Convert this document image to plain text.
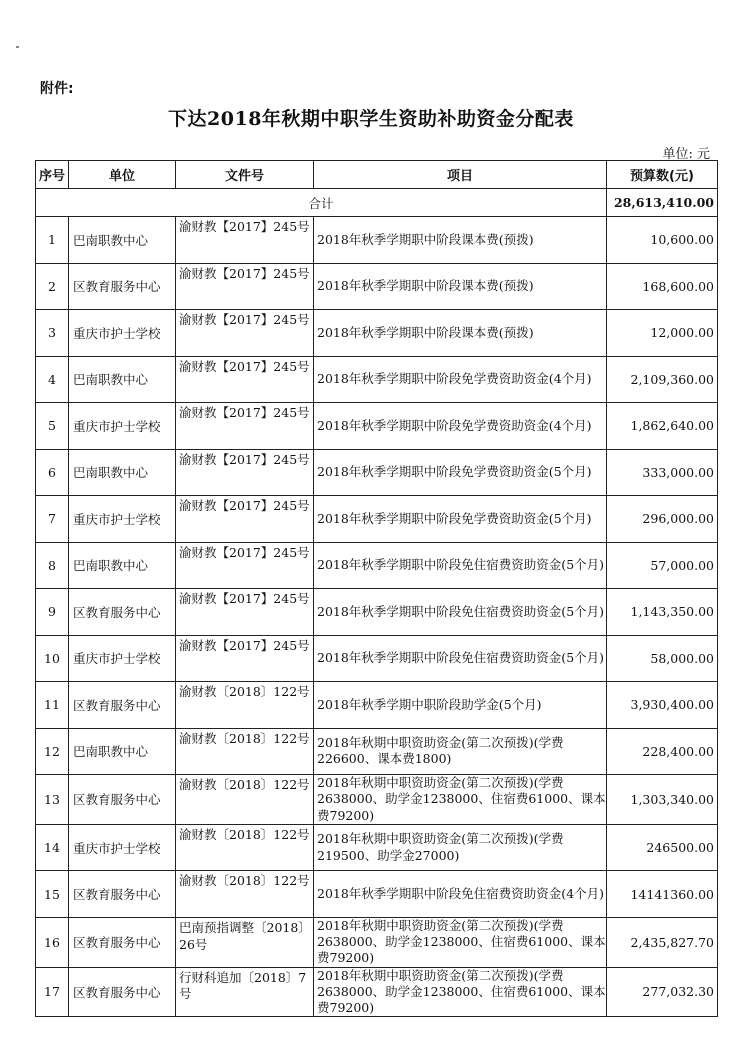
附件:
下达2018年秋期中职学生资助补助资金分配表
单位: 元
序号	单位	文件号	项目	预算数(元)
合计				28,613,410.00
1	巴南职教中心	渝财教【2017】245号	2018年秋季学期职中阶段课本费(预拨)	10,600.00
2	区教育服务中心	渝财教【2017】245号	2018年秋季学期职中阶段课本费(预拨)	168,600.00
3	重庆市护士学校	渝财教【2017】245号	2018年秋季学期职中阶段课本费(预拨)	12,000.00
4	巴南职教中心	渝财教【2017】245号	2018年秋季学期职中阶段免学费资助资金(4个月)	2,109,360.00
5	重庆市护士学校	渝财教【2017】245号	2018年秋季学期职中阶段免学费资助资金(4个月)	1,862,640.00
6	巴南职教中心	渝财教【2017】245号	2018年秋季学期职中阶段免学费资助资金(5个月)	333,000.00
7	重庆市护士学校	渝财教【2017】245号	2018年秋季学期职中阶段免学费资助资金(5个月)	296,000.00
8	巴南职教中心	渝财教【2017】245号	2018年秋季学期职中阶段免住宿费资助资金(5个月)	57,000.00
9	区教育服务中心	渝财教【2017】245号	2018年秋季学期职中阶段免住宿费资助资金(5个月)	1,143,350.00
10	重庆市护士学校	渝财教【2017】245号	2018年秋季学期职中阶段免住宿费资助资金(5个月)	58,000.00
11	区教育服务中心	渝财教〔2018〕122号	2018年秋季学期中职阶段助学金(5个月)	3,930,400.00
12	巴南职教中心	渝财教〔2018〕122号	2018年秋期中职资助资金(第二次预拨)(学费226600、课本费1800)	228,400.00
13	区教育服务中心	渝财教〔2018〕122号	2018年秋期中职资助资金(第二次预拨)(学费2638000、助学金1238000、住宿费61000、课本费79200)	1,303,340.00
14	重庆市护士学校	渝财教〔2018〕122号	2018年秋期中职资助资金(第二次预拨)(学费219500、助学金27000)	246500.00
15	区教育服务中心	渝财教〔2018〕122号	2018年秋季学期职中阶段免住宿费资助资金(4个月)	14141360.00
16	区教育服务中心	巴南预指调整〔2018〕26号	2018年秋期中职资助资金(第二次预拨)(学费2638000、助学金1238000、住宿费61000、课本费79200)	2,435,827.70
17	区教育服务中心	行财科追加〔2018〕7号	2018年秋期中职资助资金(第二次预拨)(学费2638000、助学金1238000、住宿费61000、课本费79200)	277,032.30
